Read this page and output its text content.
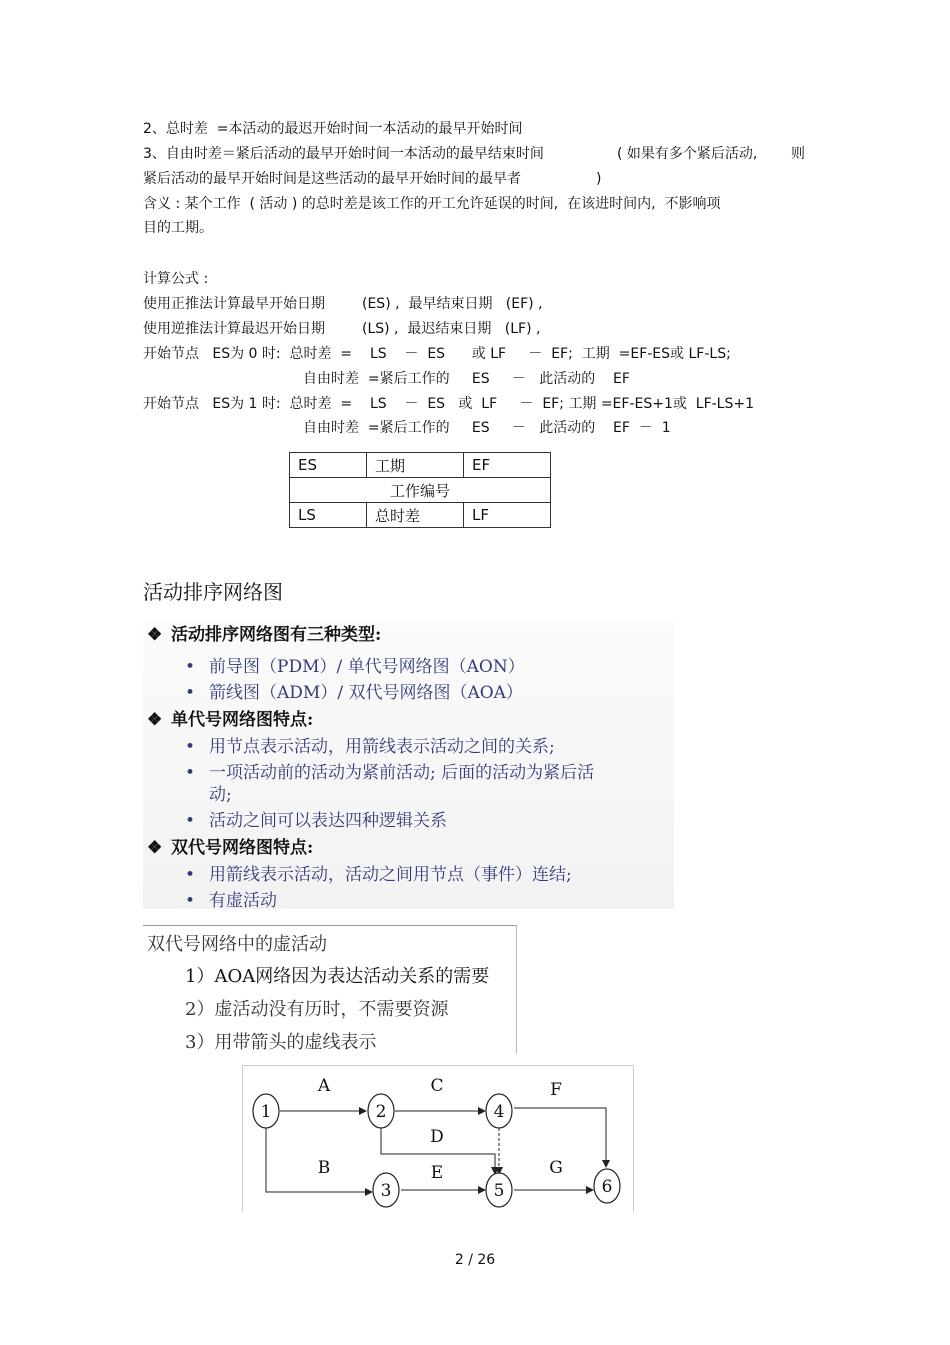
2、总时差  =本活动的最迟开始时间一本活动的最早开始时间
3、自由时差＝紧后活动的最早开始时间一本活动的最早结束时间	( 如果有多个紧后活动, 则
紧后活动的最早开始时间是这些活动的最早开始时间的最早者	)
含义 : 某个工作  ( 活动 ) 的总时差是该工作的开工允许延误的时间,  在该进时间内,  不影响项
目的工期。
计算公式 :
使用正推法计算最早开始日期	(ES) ,  最早结束日期   (EF) ,
使用逆推法计算最迟开始日期	(LS) ,  最迟结束日期   (LF) ,
开始节点   ES为 0 时:  总时差  =    LS    －  ES      或 LF     －  EF;  工期  =EF-ES或 LF-LS;
自由时差  =紧后工作的     ES     －   此活动的    EF
开始节点   ES为 1 时:  总时差  =    LS    －  ES   或  LF     －  EF; 工期 =EF-ES+1或  LF-LS+1
自由时差  =紧后工作的     ES     －   此活动的    EF  －  1
ES	工期	EF
工作编号		
LS	总时差	LF
活动排序网络图
❖ 活动排序网络图有三种类型:
• 前导图（PDM）/ 单代号网络图（AON）
• 箭线图（ADM）/ 双代号网络图（AOA）
❖ 单代号网络图特点:
• 用节点表示活动，用箭线表示活动之间的关系;
• 一项活动前的活动为紧前活动; 后面的活动为紧后活
动;
• 活动之间可以表达四种逻辑关系
❖ 双代号网络图特点:
• 用箭线表示活动，活动之间用节点（事件）连结;
• 有虚活动
双代号网络中的虚活动
1）AOA网络因为表达活动关系的需要
2）虚活动没有历时，不需要资源
3）用带箭头的虚线表示
1	2
3
4
5	6
A
B
C
D
E
F
G
2 / 26
